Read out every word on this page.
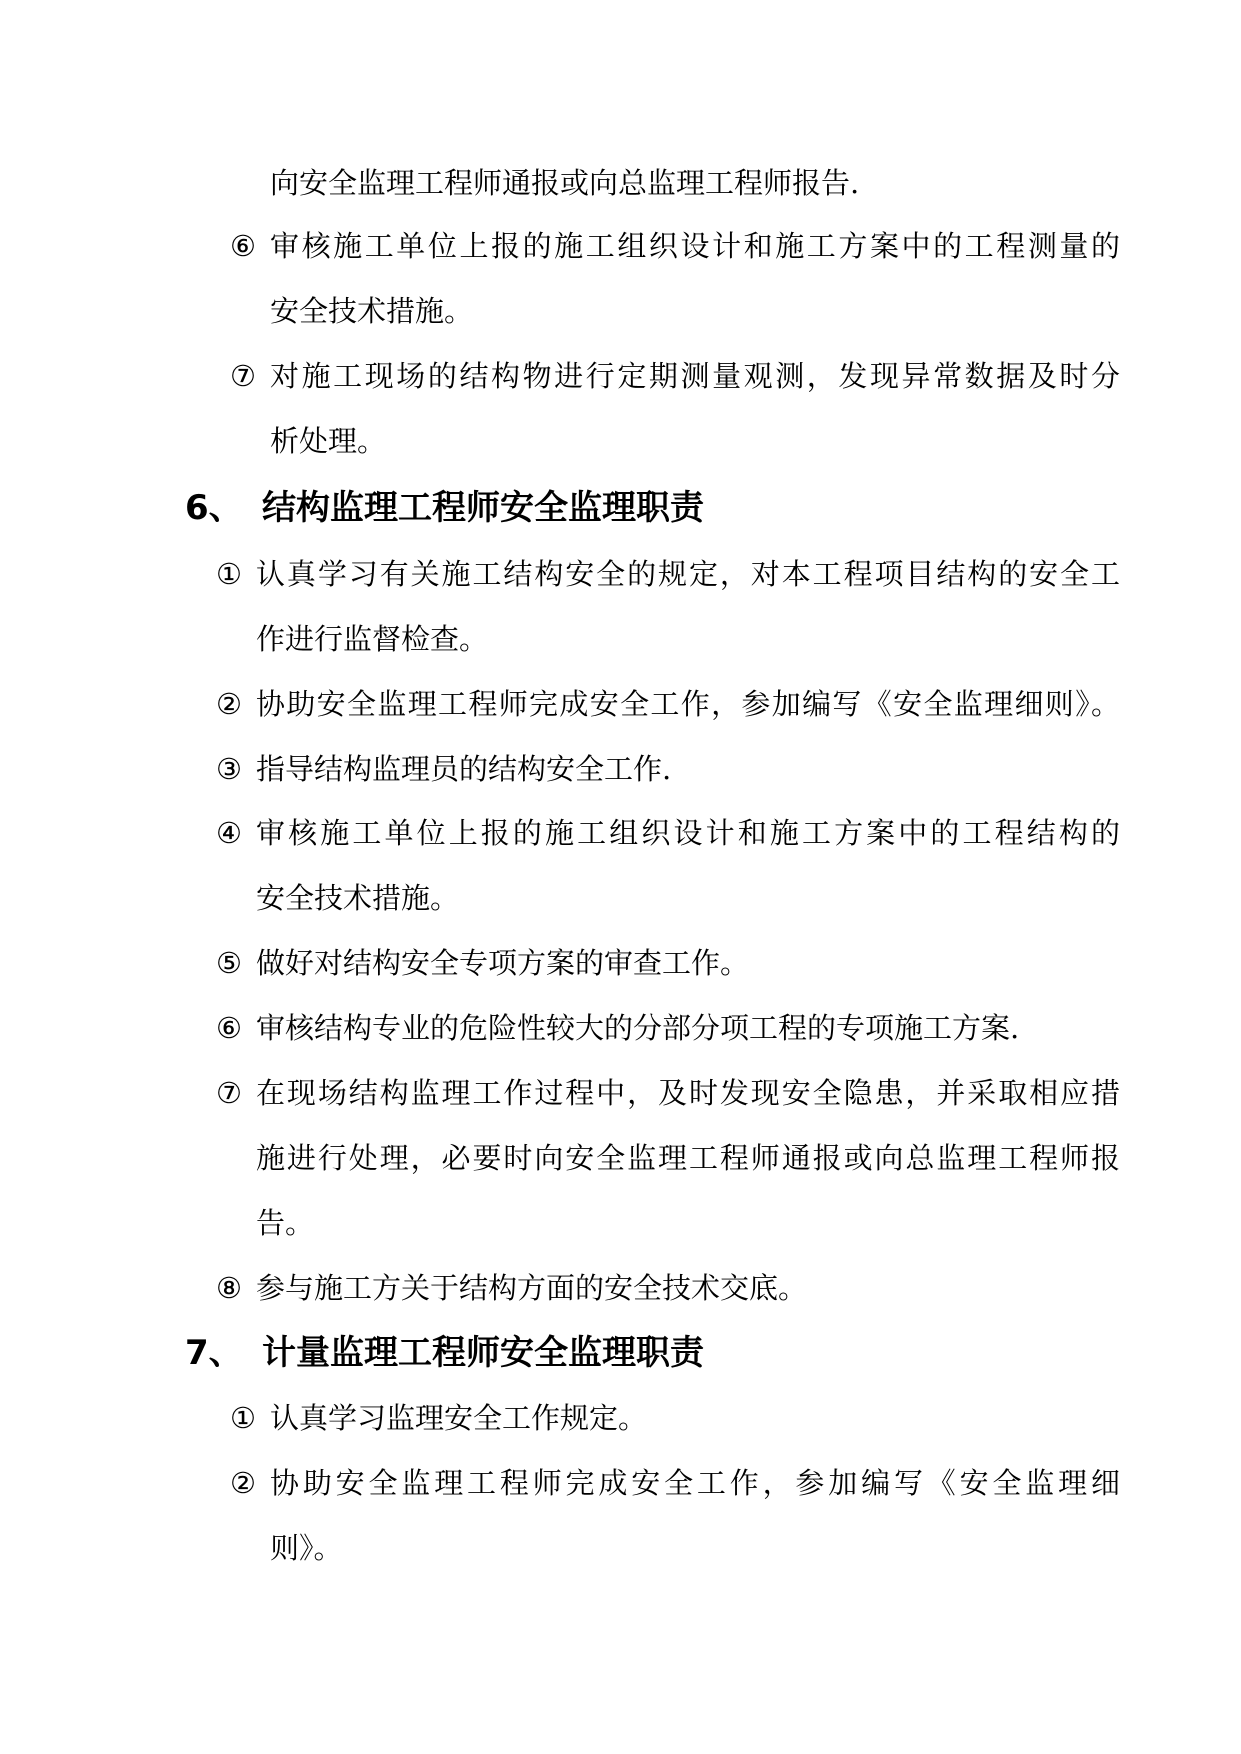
向安全监理工程师通报或向总监理工程师报告.
⑥ 审核施工单位上报的施工组织设计和施工方案中的工程测量的
安全技术措施。
⑦ 对施工现场的结构物进行定期测量观测，发现异常数据及时分
析处理。
6、 结构监理工程师安全监理职责
① 认真学习有关施工结构安全的规定，对本工程项目结构的安全工
作进行监督检查。
② 协助安全监理工程师完成安全工作，参加编写《安全监理细则》。
③ 指导结构监理员的结构安全工作.
④ 审核施工单位上报的施工组织设计和施工方案中的工程结构的
安全技术措施。
⑤ 做好对结构安全专项方案的审查工作。
⑥ 审核结构专业的危险性较大的分部分项工程的专项施工方案.
⑦ 在现场结构监理工作过程中，及时发现安全隐患，并采取相应措
施进行处理，必要时向安全监理工程师通报或向总监理工程师报
告。
⑧ 参与施工方关于结构方面的安全技术交底。
7、 计量监理工程师安全监理职责
① 认真学习监理安全工作规定。
② 协助安全监理工程师完成安全工作，参加编写《安全监理细
则》。
